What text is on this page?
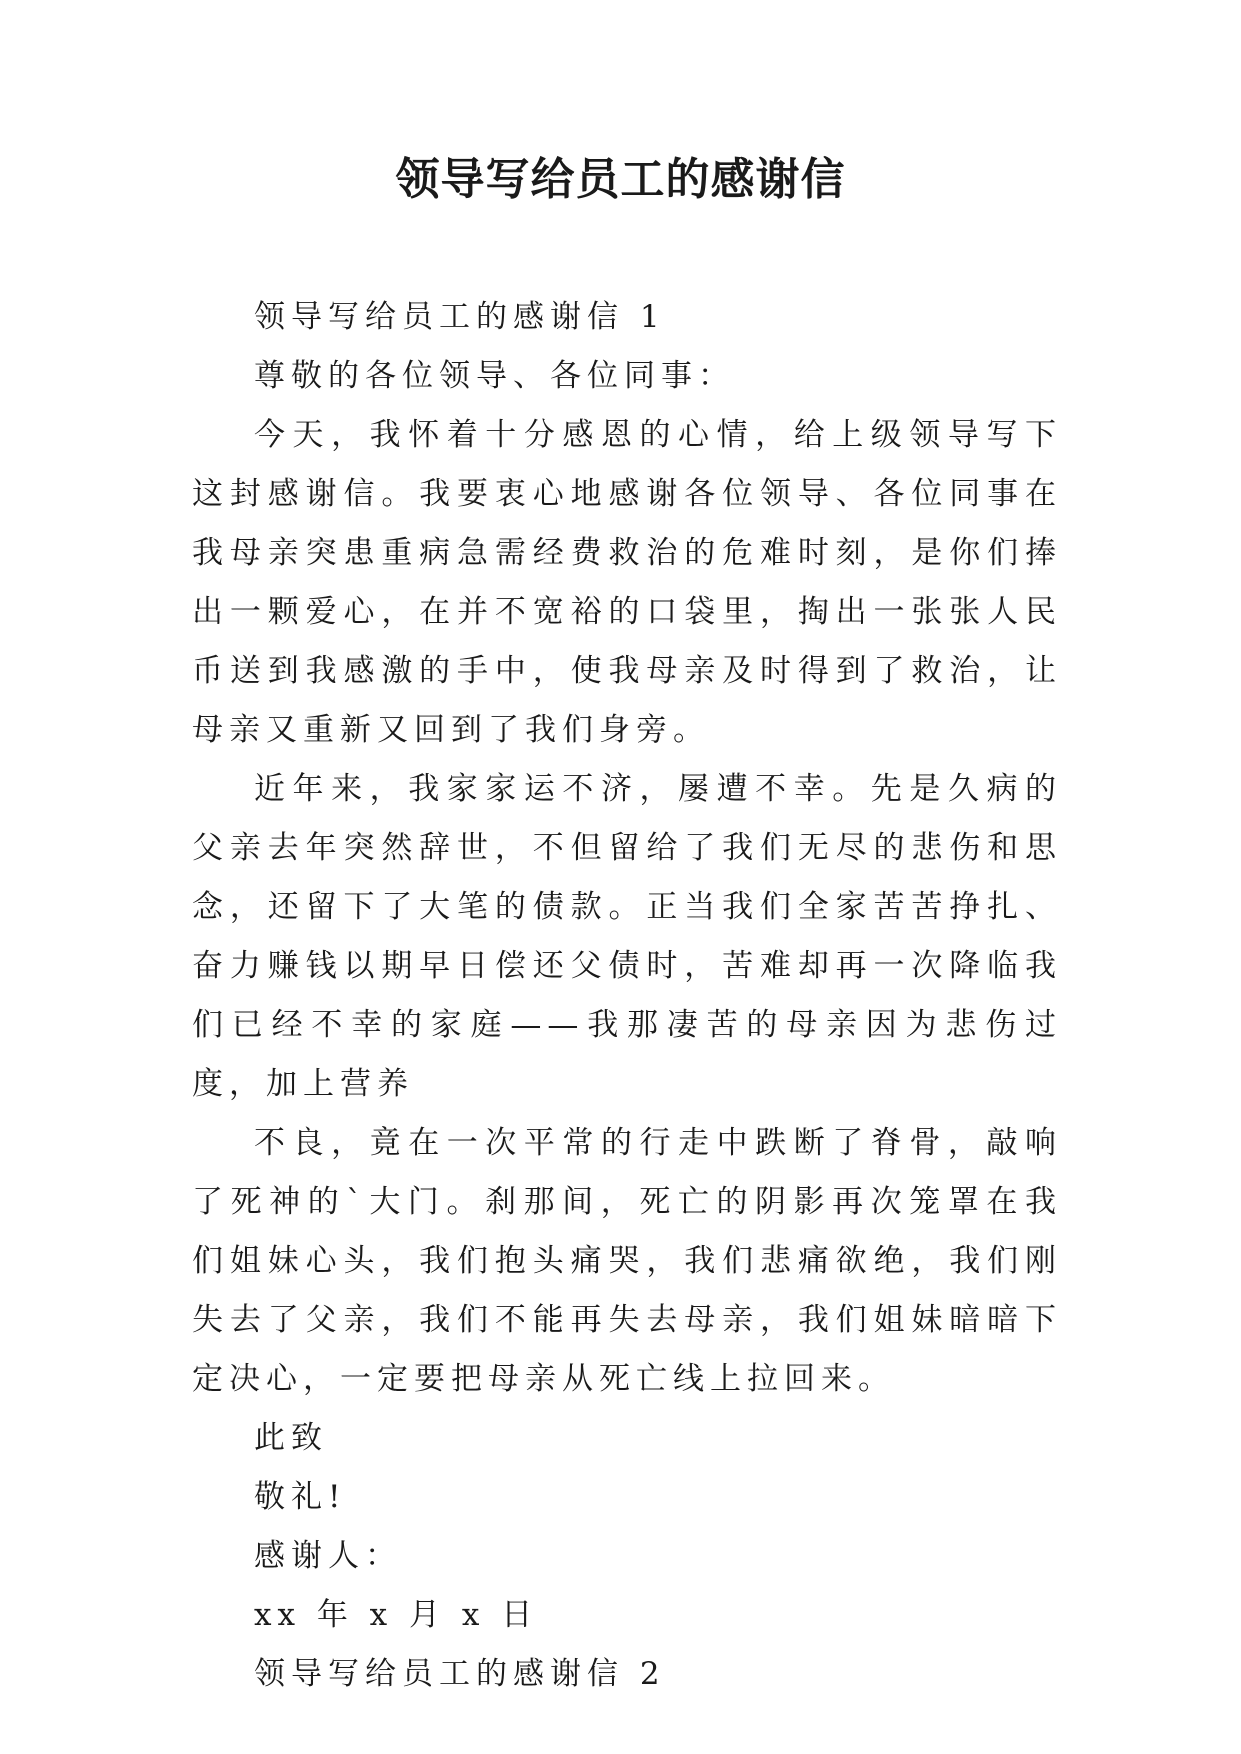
领导写给员工的感谢信

领导写给员工的感谢信 1

尊敬的各位领导、各位同事：

今天，我怀着十分感恩的心情，给上级领导写下这封感谢信。我要衷心地感谢各位领导、各位同事在我母亲突患重病急需经费救治的危难时刻，是你们捧出一颗爱心，在并不宽裕的口袋里，掏出一张张人民币送到我感激的手中，使我母亲及时得到了救治，让母亲又重新又回到了我们身旁。

近年来，我家家运不济，屡遭不幸。先是久病的父亲去年突然辞世，不但留给了我们无尽的悲伤和思念，还留下了大笔的债款。正当我们全家苦苦挣扎、奋力赚钱以期早日偿还父债时，苦难却再一次降临我们已经不幸的家庭——我那凄苦的母亲因为悲伤过度，加上营养

不良，竟在一次平常的行走中跌断了脊骨，敲响了死神的`大门。刹那间，死亡的阴影再次笼罩在我们姐妹心头，我们抱头痛哭，我们悲痛欲绝，我们刚失去了父亲，我们不能再失去母亲，我们姐妹暗暗下定决心，一定要把母亲从死亡线上拉回来。

此致

敬礼!

感谢人：

xx 年 x 月 x 日

领导写给员工的感谢信 2
